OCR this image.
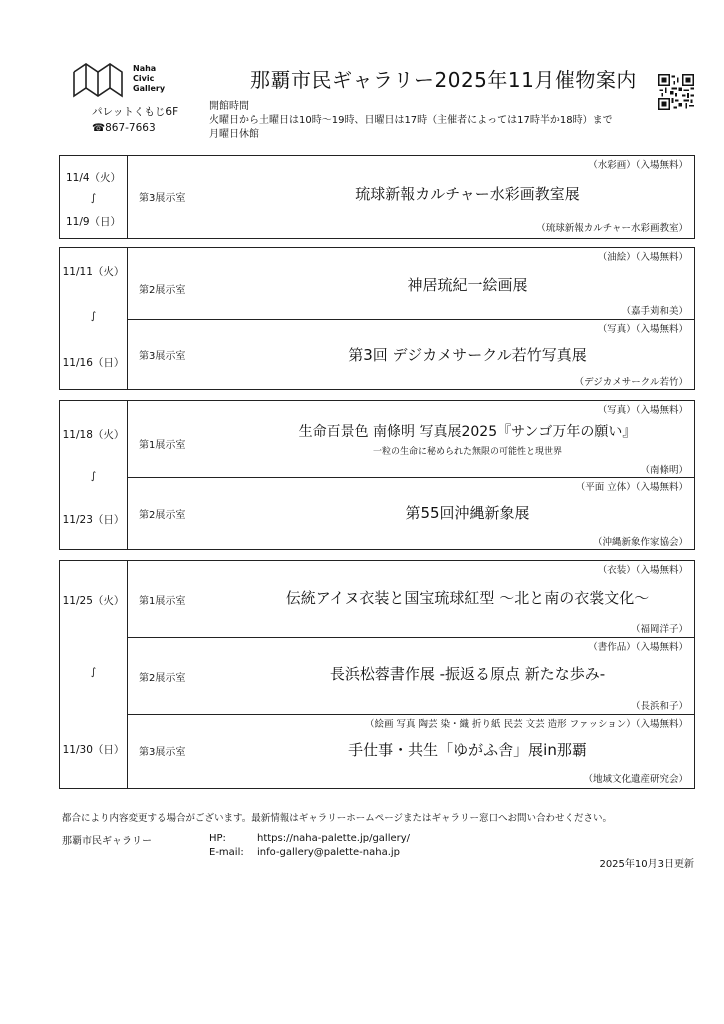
Naha
Civic
Gallery
パレットくもじ6F
☎867-7663
那覇市民ギャラリー2025年11月催物案内
開館時間
火曜日から土曜日は10時～19時、日曜日は17時（主催者によっては17時半か18時）まで
月曜日休館
11/4（火）
∫
11/9（日）
第3展示室
（水彩画）（入場無料）
琉球新報カルチャー水彩画教室展
（琉球新報カルチャー水彩画教室）
11/11（火）
∫
11/16（日）
第2展示室
（油絵）（入場無料）
神居琉紀一絵画展
（嘉手苅和美）
第3展示室
（写真）（入場無料）
第3回 デジカメサークル若竹写真展
（デジカメサークル若竹）
11/18（火）
∫
11/23（日）
第1展示室
（写真）（入場無料）
生命百景色 南條明 写真展2025『サンゴ万年の願い』
一粒の生命に秘められた無限の可能性と現世界
（南條明）
第2展示室
（平面 立体）（入場無料）
第55回沖縄新象展
（沖縄新象作家協会）
11/25（火）
∫
11/30（日）
第1展示室
（衣装）（入場無料）
伝統アイヌ衣装と国宝琉球紅型 ～北と南の衣裳文化～
（福岡洋子）
第2展示室
（書作品）（入場無料）
長浜松蓉書作展 -振返る原点 新たな歩み-
（長浜和子）
第3展示室
（絵画 写真 陶芸 染・織 折り紙 民芸 文芸 造形 ファッション）（入場無料）
手仕事・共生「ゆがふ舎」展in那覇
（地域文化遺産研究会）
都合により内容変更する場合がございます。最新情報はギャラリーホームページまたはギャラリー窓口へお問い合わせください。
那覇市民ギャラリー	HP:	https://naha-palette.jp/gallery/
E-mail: info-gallery@palette-naha.jp
2025年10月3日更新
